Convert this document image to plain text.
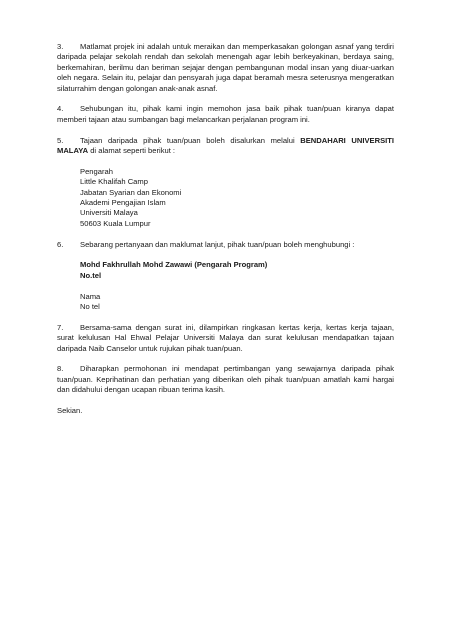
3. Matlamat projek ini adalah untuk meraikan dan memperkasakan golongan asnaf yang terdiri daripada pelajar sekolah rendah dan sekolah menengah agar lebih berkeyakinan, berdaya saing, berkemahiran, berilmu dan beriman sejajar dengan pembangunan modal insan yang diuar-uarkan oleh negara. Selain itu, pelajar dan pensyarah juga dapat beramah mesra seterusnya mengeratkan silaturrahim dengan golongan anak-anak asnaf.

4. Sehubungan itu, pihak kami ingin memohon jasa baik pihak tuan/puan kiranya dapat memberi tajaan atau sumbangan bagi melancarkan perjalanan program ini.

5. Tajaan daripada pihak tuan/puan boleh disalurkan melalui BENDAHARI UNIVERSITI MALAYA di alamat seperti berikut :

Pengarah
Little Khalifah Camp
Jabatan Syarian dan Ekonomi
Akademi Pengajian Islam
Universiti Malaya
50603 Kuala Lumpur

6. Sebarang pertanyaan dan maklumat lanjut, pihak tuan/puan boleh menghubungi :

Mohd Fakhrullah Mohd Zawawi (Pengarah Program)
No.tel
Nama
No tel

7. Bersama-sama dengan surat ini, dilampirkan ringkasan kertas kerja, kertas kerja tajaan, surat kelulusan Hal Ehwal Pelajar Universiti Malaya dan surat kelulusan mendapatkan tajaan daripada Naib Canselor untuk rujukan pihak tuan/puan.

8. Diharapkan permohonan ini mendapat pertimbangan yang sewajarnya daripada pihak tuan/puan. Keprihatinan dan perhatian yang diberikan oleh pihak tuan/puan amatlah kami hargai dan didahului dengan ucapan ribuan terima kasih.

Sekian.
